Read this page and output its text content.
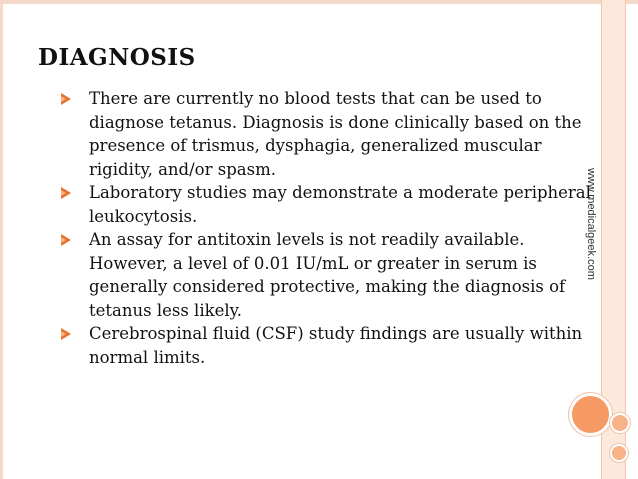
www.medicalgeek.com
DIAGNOSIS
There are currently no blood tests that can be used to diagnose tetanus. Diagnosis is done clinically based on the presence of trismus, dysphagia, generalized muscular rigidity, and/or spasm.
Laboratory studies may demonstrate a moderate peripheral leukocytosis.
An assay for antitoxin levels is not readily available. However, a level of 0.01 IU/mL or greater in serum is generally considered protective, making the diagnosis of tetanus less likely.
Cerebrospinal fluid (CSF) study findings are usually within normal limits.
